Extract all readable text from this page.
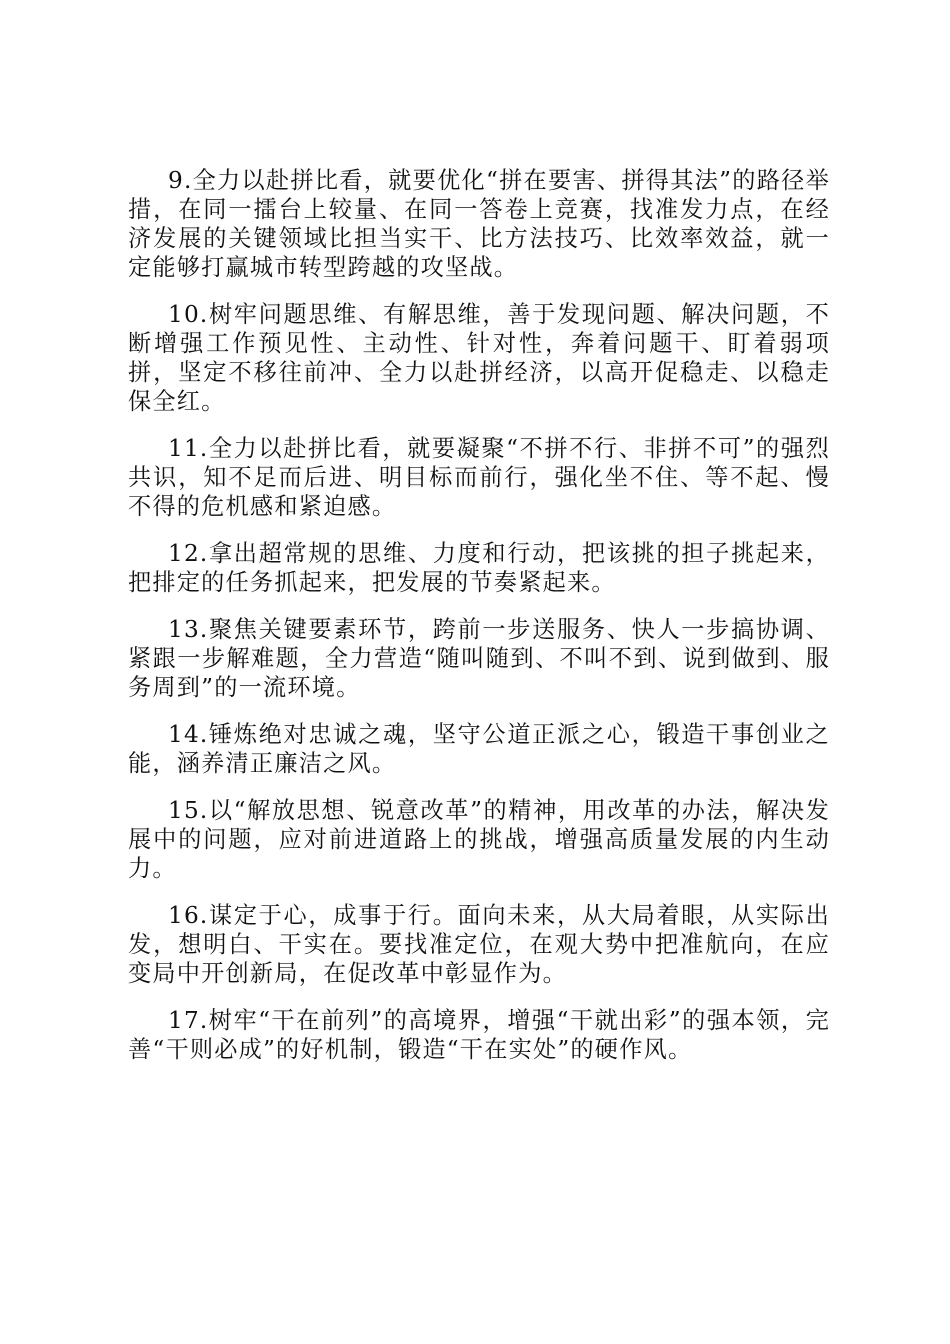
9.全力以赴拼比看，就要优化“拼在要害、拼得其法”的路径举措，在同一擂台上较量、在同一答卷上竞赛，找准发力点，在经济发展的关键领域比担当实干、比方法技巧、比效率效益，就一定能够打赢城市转型跨越的攻坚战。

10.树牢问题思维、有解思维，善于发现问题、解决问题，不断增强工作预见性、主动性、针对性，奔着问题干、盯着弱项拼，坚定不移往前冲、全力以赴拼经济，以高开促稳走、以稳走保全红。

11.全力以赴拼比看，就要凝聚“不拼不行、非拼不可”的强烈共识，知不足而后进、明目标而前行，强化坐不住、等不起、慢不得的危机感和紧迫感。

12.拿出超常规的思维、力度和行动，把该挑的担子挑起来，把排定的任务抓起来，把发展的节奏紧起来。

13.聚焦关键要素环节，跨前一步送服务、快人一步搞协调、紧跟一步解难题，全力营造“随叫随到、不叫不到、说到做到、服务周到”的一流环境。

14.锤炼绝对忠诚之魂，坚守公道正派之心，锻造干事创业之能，涵养清正廉洁之风。

15.以“解放思想、锐意改革”的精神，用改革的办法，解决发展中的问题，应对前进道路上的挑战，增强高质量发展的内生动力。

16.谋定于心，成事于行。面向未来，从大局着眼，从实际出发，想明白、干实在。要找准定位，在观大势中把准航向，在应变局中开创新局，在促改革中彰显作为。

17.树牢“干在前列”的高境界，增强“干就出彩”的强本领，完善“干则必成”的好机制，锻造“干在实处”的硬作风。
